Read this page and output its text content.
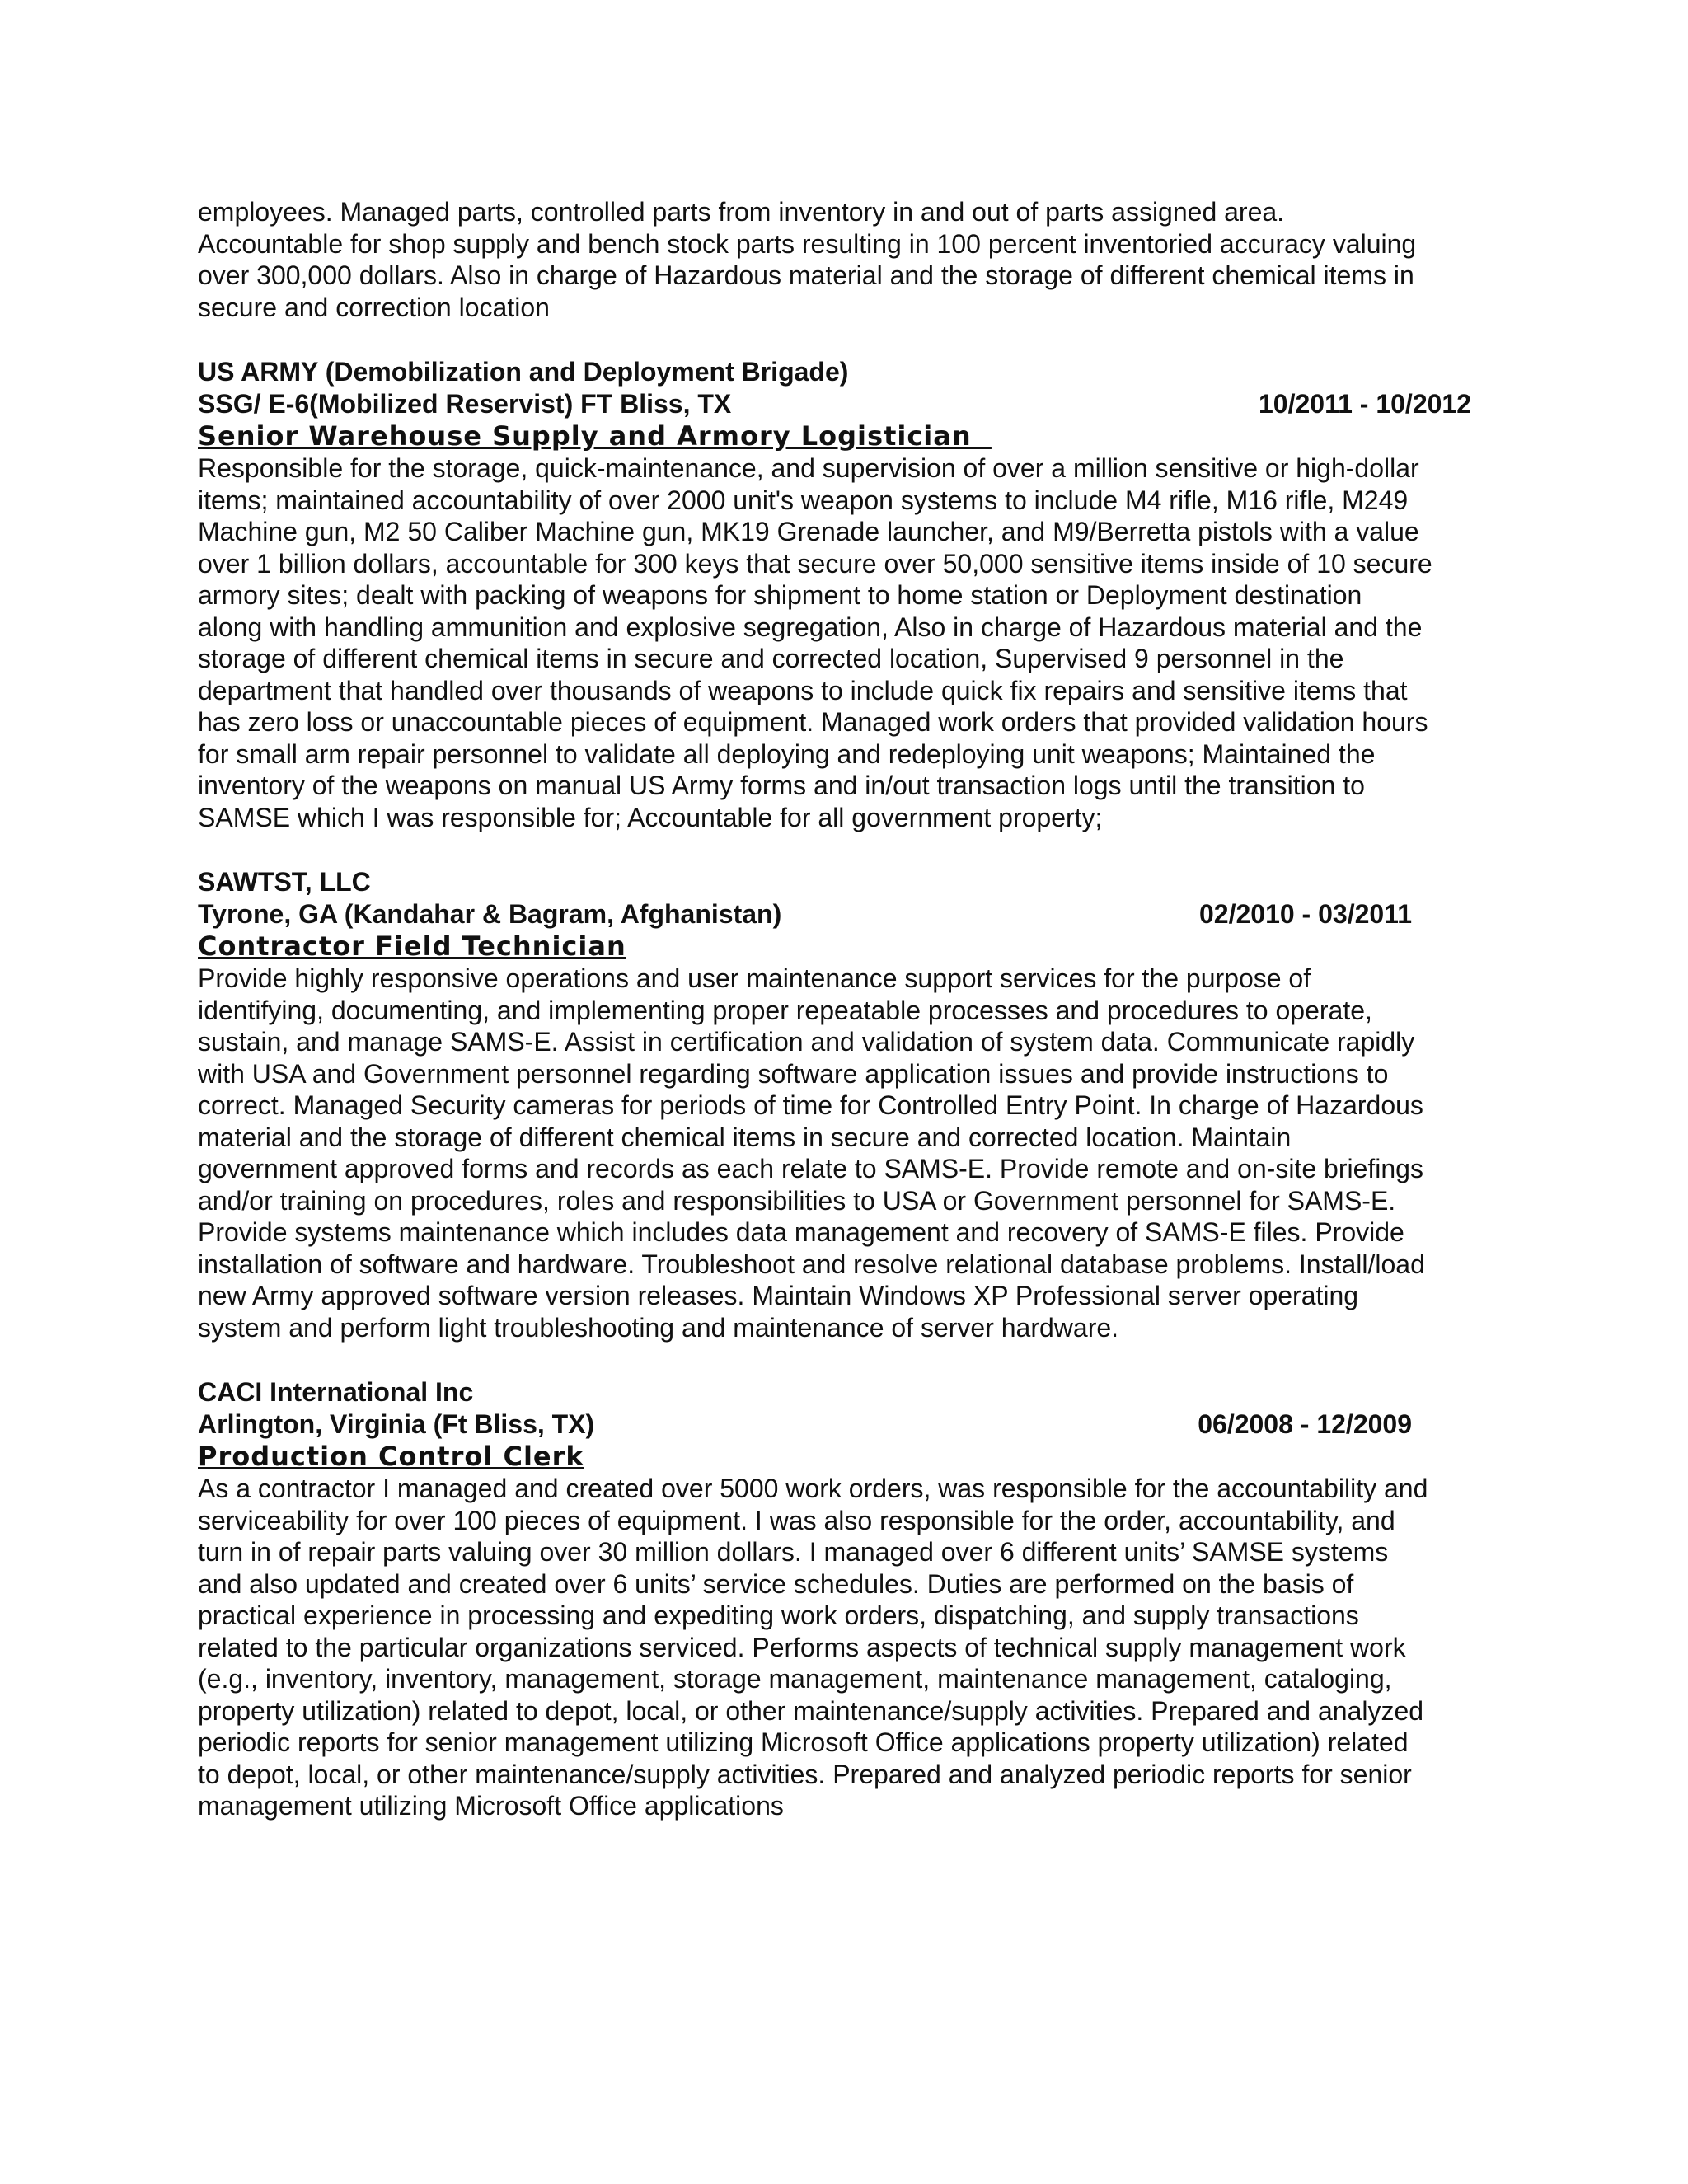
employees. Managed parts, controlled parts from inventory in and out of parts assigned area.
Accountable for shop supply and bench stock parts resulting in 100 percent inventoried accuracy valuing
over 300,000 dollars. Also in charge of Hazardous material and the storage of different chemical items in
secure and correction location

US ARMY (Demobilization and Deployment Brigade)

SSG/ E-6(Mobilized Reservist) FT Bliss, TX	10/2011 - 10/2012

Senior Warehouse Supply and Armory Logistician

Responsible for the storage, quick-maintenance, and supervision of over a million sensitive or high-dollar
items; maintained accountability of over 2000 unit's weapon systems to include M4 rifle, M16 rifle, M249
Machine gun, M2 50 Caliber Machine gun, MK19 Grenade launcher, and M9/Berretta pistols with a value
over 1 billion dollars, accountable for 300 keys that secure over 50,000 sensitive items inside of 10 secure
armory sites; dealt with packing of weapons for shipment to home station or Deployment destination
along with handling ammunition and explosive segregation, Also in charge of Hazardous material and the
storage of different chemical items in secure and corrected location, Supervised 9 personnel in the
department that handled over thousands of weapons to include quick fix repairs and sensitive items that
has zero loss or unaccountable pieces of equipment. Managed work orders that provided validation hours
for small arm repair personnel to validate all deploying and redeploying unit weapons; Maintained the
inventory of the weapons on manual US Army forms and in/out transaction logs until the transition to
SAMSE which I was responsible for; Accountable for all government property;

SAWTST, LLC

Tyrone, GA (Kandahar & Bagram, Afghanistan)	02/2010 - 03/2011

Contractor Field Technician

Provide highly responsive operations and user maintenance support services for the purpose of
identifying, documenting, and implementing proper repeatable processes and procedures to operate,
sustain, and manage SAMS-E. Assist in certification and validation of system data. Communicate rapidly
with USA and Government personnel regarding software application issues and provide instructions to
correct. Managed Security cameras for periods of time for Controlled Entry Point. In charge of Hazardous
material and the storage of different chemical items in secure and corrected location. Maintain
government approved forms and records as each relate to SAMS-E. Provide remote and on-site briefings
and/or training on procedures, roles and responsibilities to USA or Government personnel for SAMS-E.
Provide systems maintenance which includes data management and recovery of SAMS-E files. Provide
installation of software and hardware. Troubleshoot and resolve relational database problems. Install/load
new Army approved software version releases. Maintain Windows XP Professional server operating
system and perform light troubleshooting and maintenance of server hardware.

CACI International Inc

Arlington, Virginia (Ft Bliss, TX)	06/2008 - 12/2009

Production Control Clerk

As a contractor I managed and created over 5000 work orders, was responsible for the accountability and
serviceability for over 100 pieces of equipment. I was also responsible for the order, accountability, and
turn in of repair parts valuing over 30 million dollars. I managed over 6 different units’ SAMSE systems
and also updated and created over 6 units’ service schedules. Duties are performed on the basis of
practical experience in processing and expediting work orders, dispatching, and supply transactions
related to the particular organizations serviced. Performs aspects of technical supply management work
(e.g., inventory, inventory, management, storage management, maintenance management, cataloging,
property utilization) related to depot, local, or other maintenance/supply activities. Prepared and analyzed
periodic reports for senior management utilizing Microsoft Office applications property utilization) related
to depot, local, or other maintenance/supply activities. Prepared and analyzed periodic reports for senior
management utilizing Microsoft Office applications
